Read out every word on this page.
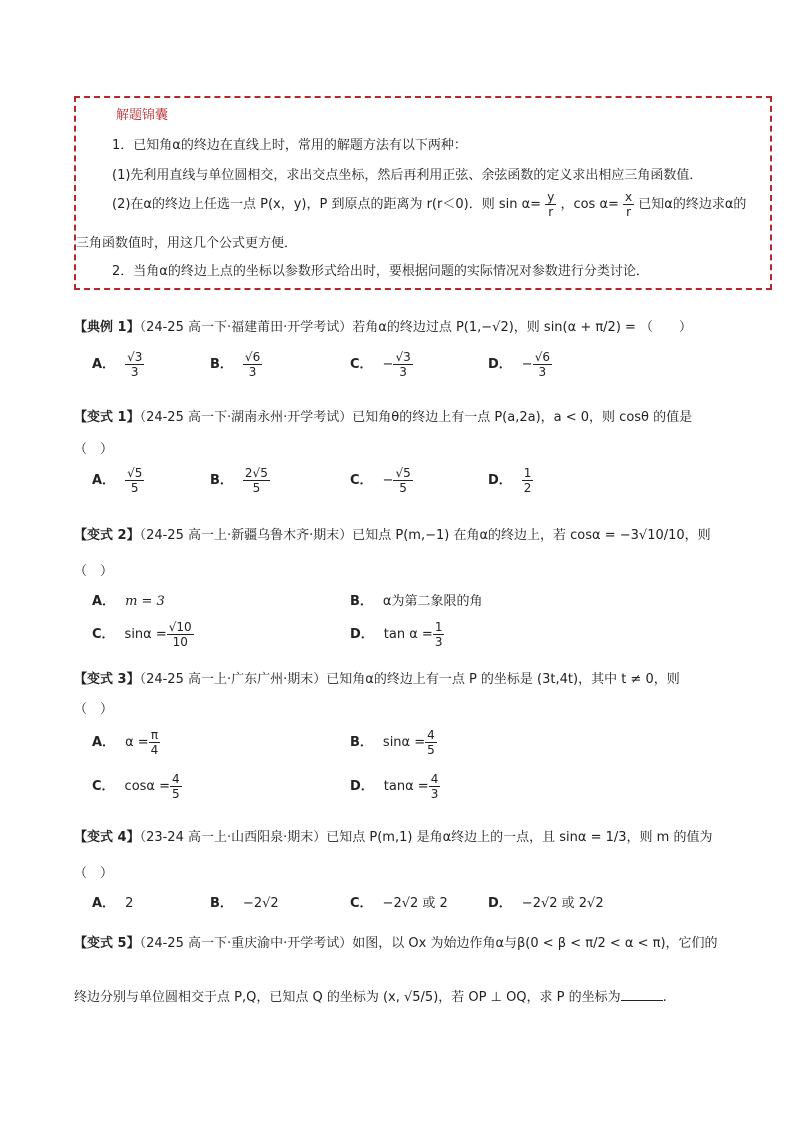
解题锦囊
1．已知角α的终边在直线上时，常用的解题方法有以下两种：
(1)先利用直线与单位圆相交，求出交点坐标，然后再利用正弦、余弦函数的定义求出相应三角函数值．
(2)在α的终边上任选一点 P(x，y)，P 到原点的距离为 r(r＜0)．则 $\sin \alpha= \frac{y}{r}$ ，$\cos \alpha= \frac{x}{r}$ 已知α的终边求α的
三角函数值时，用这几个公式更方便．
2．当角α的终边上点的坐标以参数形式给出时，要根据问题的实际情况对参数进行分类讨论．
【典例 1】（24-25 高一下·福建莆田·开学考试）若角α的终边过点 P(1,−√2)，则 sin(α + π/2) = （　　）
A． $\frac{√3}{3}$	B． $\frac{√6}{3}$	C． − $\frac{√3}{3}$	D． − $\frac{√6}{3}$
【变式 1】（24-25 高一下·湖南永州·开学考试）已知角θ的终边上有一点 P(a,2a)，a < 0，则 cosθ 的值是
（　）
A． $\frac{√5}{5}$	B． $\frac{2√5}{5}$	C． − $\frac{√5}{5}$	D． $\frac{1}{2}$
【变式 2】（24-25 高一上·新疆乌鲁木齐·期末）已知点 P(m,−1) 在角α的终边上，若 cosα = −3√10/10，则
（　）
A． m = 3	B． α为第二象限的角
C． $\sin\alpha = \frac{√10}{10}$	D． $\tan \alpha = \frac{1}{3}$
【变式 3】（24-25 高一上·广东广州·期末）已知角α的终边上有一点 P 的坐标是 (3t,4t)，其中 t ≠ 0，则
（　）
A． $\alpha = \frac{\pi}{4}$	B． $\sin\alpha = \frac{4}{5}$
C． $\cos\alpha = \frac{4}{5}$	D． $\tan\alpha = \frac{4}{3}$
【变式 4】（23-24 高一上·山西阳泉·期末）已知点 P(m,1) 是角α终边上的一点，且 sinα = 1/3，则 m 的值为
（　）
A． 2	B． −2√2	C． −2√2 或 2	D． −2√2 或 2√2
【变式 5】（24-25 高一下·重庆渝中·开学考试）如图，以 Ox 为始边作角α与β(0 < β < π/2 < α < π)，它们的
终边分别与单位圆相交于点 P,Q，已知点 Q 的坐标为 (x, √5/5)，若 OP ⊥ OQ，求 P 的坐标为	.
